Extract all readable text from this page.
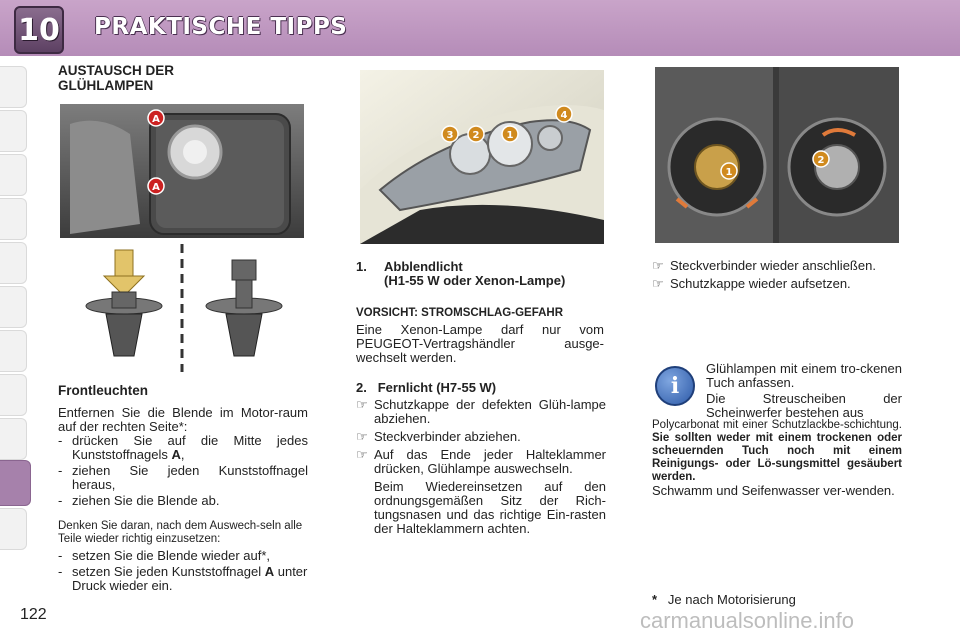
10 PRAKTISCHE TIPPS
AUSTAUSCH DER
GLÜHLAMPEN
A
A
Frontleuchten
Entfernen Sie die Blende im Motor-raum auf der rechten Seite*:
- drücken Sie auf die Mitte jedes Kunststoffnagels A,
- ziehen Sie jeden Kunststoffnagel heraus,
- ziehen Sie die Blende ab.
Denken Sie daran, nach dem Auswech-seln alle Teile wieder richtig einzusetzen:
- setzen Sie die Blende wieder auf*,
- setzen Sie jeden Kunststoffnagel A unter Druck wieder ein.
3 2	1
4
1. Abblendlicht
(H1-55 W oder Xenon-Lampe)
VORSICHT: STROMSCHLAG-GEFAHR
Eine Xenon-Lampe darf nur vom PEUGEOT-Vertragshändler ausge-wechselt werden.
2. Fernlicht (H7-55 W)
☞ Schutzkappe der defekten Glüh-lampe abziehen.
☞ Steckverbinder abziehen.
☞ Auf das Ende jeder Halteklammer drücken, Glühlampe auswechseln.
Beim Wiedereinsetzen auf den ordnungsgemäßen Sitz der Rich-tungsnasen und das richtige Ein-rasten der Halteklammern achten.
1
2
☞ Steckverbinder wieder anschließen.
☞ Schutzkappe wieder aufsetzen.
i
Glühlampen mit einem tro-ckenen Tuch anfassen.
Die Streuscheiben der Scheinwerfer bestehen aus
Polycarbonat mit einer Schutzlackbe-schichtung. Sie sollten weder mit einem trockenen oder scheuernden Tuch noch mit einem Reinigungs- oder Lö-sungsmittel gesäubert werden.
Schwamm und Seifenwasser ver-wenden.
* Je nach Motorisierung
122	carmanualsonline.info
